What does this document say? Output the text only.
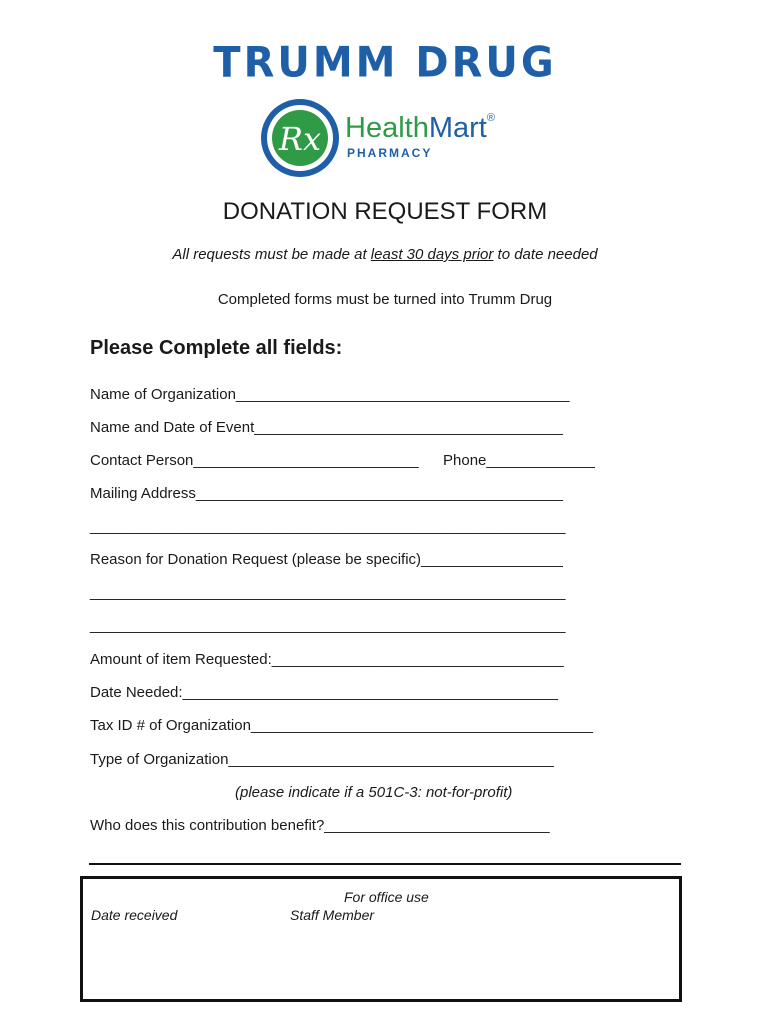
TRUMM DRUG
Rx HealthMart®
PHARMACY
DONATION REQUEST FORM
All requests must be made at least 30 days prior to date needed
Completed forms must be turned into Trumm Drug
Please Complete all fields:
Name of Organization________________________________________
Name and Date of Event_____________________________________
Contact Person___________________________ Phone_____________
Mailing Address____________________________________________
_________________________________________________________
Reason for Donation Request (please be specific)_________________
_________________________________________________________
_________________________________________________________
Amount of item Requested:___________________________________
Date Needed:_____________________________________________
Tax ID # of Organization_________________________________________
Type of Organization_______________________________________
(please indicate if a 501C-3: not-for-profit)
Who does this contribution benefit?___________________________
For office use
Date received	Staff Member
